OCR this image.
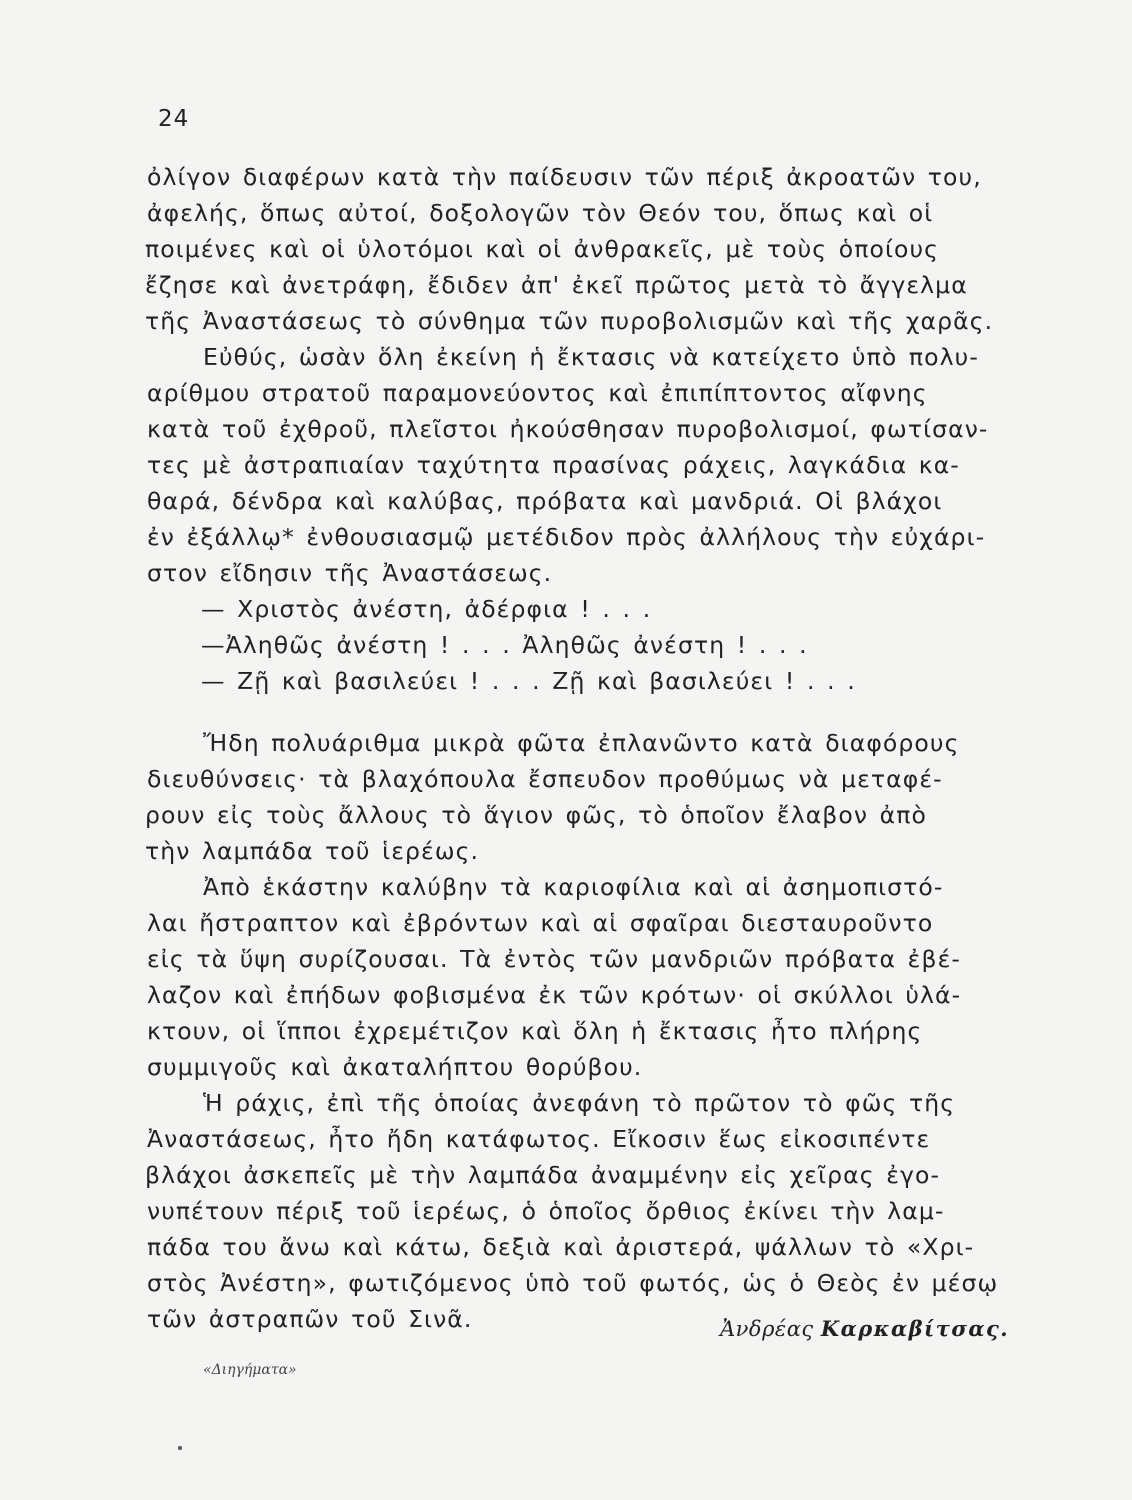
24
ὀλίγον διαφέρων κατὰ τὴν παίδευσιν τῶν πέριξ ἀκροατῶν του,
ἀφελής, ὅπως αὐτοί, δοξολογῶν τὸν Θεόν του, ὅπως καὶ οἱ
ποιμένες καὶ οἱ ὑλοτόμοι καὶ οἱ ἀνθρακεῖς, μὲ τοὺς ὁποίους
ἔζησε καὶ ἀνετράφη, ἔδιδεν ἀπ' ἐκεῖ πρῶτος μετὰ τὸ ἄγγελμα
τῆς Ἀναστάσεως τὸ σύνθημα τῶν πυροβολισμῶν καὶ τῆς χαρᾶς.
Εὐθύς, ὡσὰν ὅλη ἐκείνη ἡ ἔκτασις νὰ κατείχετο ὑπὸ πολυ-
αρίθμου στρατοῦ παραμονεύοντος καὶ ἐπιπίπτοντος αἴφνης
κατὰ τοῦ ἐχθροῦ, πλεῖστοι ἠκούσθησαν πυροβολισμοί, φωτίσαν-
τες μὲ ἀστραπιαίαν ταχύτητα πρασίνας ράχεις, λαγκάδια κα-
θαρά, δένδρα καὶ καλύβας, πρόβατα καὶ μανδριά. Οἱ βλάχοι
ἐν ἐξάλλῳ* ἐνθουσιασμῷ μετέδιδον πρὸς ἀλλήλους τὴν εὐχάρι-
στον εἴδησιν τῆς Ἀναστάσεως.
— Χριστὸς ἀνέστη, ἀδέρφια ! . . .
—Ἀληθῶς ἀνέστη ! . . . Ἀληθῶς ἀνέστη ! . . .
— Ζῇ καὶ βασιλεύει ! . . . Ζῇ καὶ βασιλεύει ! . . .
Ἤδη πολυάριθμα μικρὰ φῶτα ἐπλανῶντο κατὰ διαφόρους
διευθύνσεις· τὰ βλαχόπουλα ἔσπευδον προθύμως νὰ μεταφέ-
ρουν εἰς τοὺς ἄλλους τὸ ἅγιον φῶς, τὸ ὁποῖον ἔλαβον ἀπὸ
τὴν λαμπάδα τοῦ ἱερέως.
Ἀπὸ ἑκάστην καλύβην τὰ καριοφίλια καὶ αἱ ἀσημοπιστό-
λαι ἤστραπτον καὶ ἐβρόντων καὶ αἱ σφαῖραι διεσταυροῦντο
εἰς τὰ ὕψη συρίζουσαι. Τὰ ἐντὸς τῶν μανδριῶν πρόβατα ἐβέ-
λαζον καὶ ἐπήδων φοβισμένα ἐκ τῶν κρότων· οἱ σκύλλοι ὑλά-
κτουν, οἱ ἵπποι ἐχρεμέτιζον καὶ ὅλη ἡ ἔκτασις ἦτο πλήρης
συμμιγοῦς καὶ ἀκαταλήπτου θορύβου.
Ἡ ράχις, ἐπὶ τῆς ὁποίας ἀνεφάνη τὸ πρῶτον τὸ φῶς τῆς
Ἀναστάσεως, ἦτο ἤδη κατάφωτος. Εἴκοσιν ἕως εἰκοσιπέντε
βλάχοι ἀσκεπεῖς μὲ τὴν λαμπάδα ἀναμμένην εἰς χεῖρας ἐγο-
νυπέτουν πέριξ τοῦ ἱερέως, ὁ ὁποῖος ὄρθιος ἐκίνει τὴν λαμ-
πάδα του ἄνω καὶ κάτω, δεξιὰ καὶ ἀριστερά, ψάλλων τὸ «Χρι-
στὸς Ἀνέστη», φωτιζόμενος ὑπὸ τοῦ φωτός, ὡς ὁ Θεὸς ἐν μέσῳ
τῶν ἀστραπῶν τοῦ Σινᾶ.	Ἀνδρέας Καρκαβίτσας.
«Διηγήματα»
